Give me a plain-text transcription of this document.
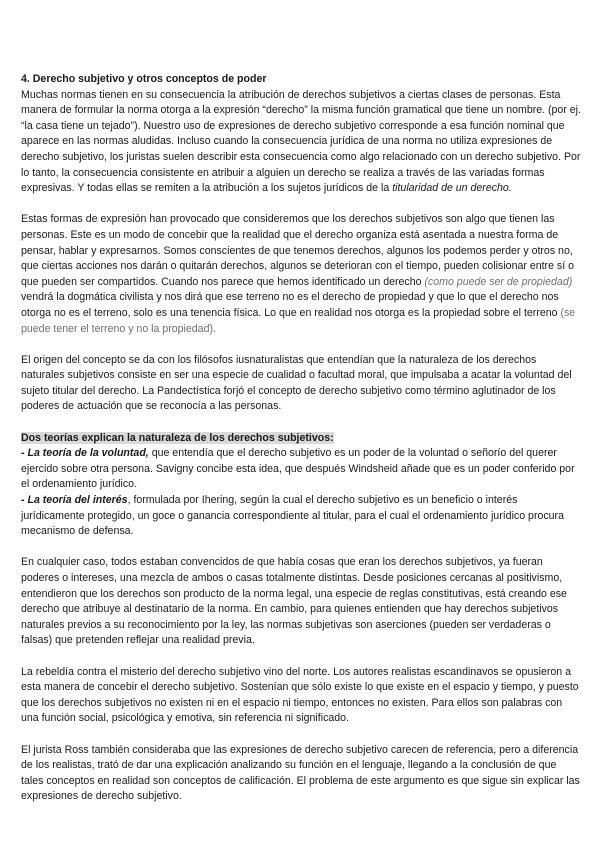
4. Derecho subjetivo y otros conceptos de poder

Muchas normas tienen en su consecuencia la atribución de derechos subjetivos a ciertas clases de personas. Esta manera de formular la norma otorga a la expresión “derecho” la misma función gramatical que tiene un nombre. (por ej. “la casa tiene un tejado”). Nuestro uso de expresiones de derecho subjetivo corresponde a esa función nominal que aparece en las normas aludidas. Incluso cuando la consecuencia jurídica de una norma no utiliza expresiones de derecho subjetivo, los juristas suelen describir esta consecuencia como algo relacionado con un derecho subjetivo. Por lo tanto, la consecuencia consistente en atribuir a alguien un derecho se realiza a través de las variadas formas expresivas. Y todas ellas se remiten a la atribución a los sujetos jurídicos de la titularidad de un derecho.

Estas formas de expresión han provocado que consideremos que los derechos subjetivos son algo que tienen las personas. Este es un modo de concebir que la realidad que el derecho organiza está asentada a nuestra forma de pensar, hablar y expresarnos. Somos conscientes de que tenemos derechos, algunos los podemos perder y otros no, que ciertas acciones nos darán o quitarán derechos, algunos se deterioran con el tiempo, pueden colisionar entre sí o que pueden ser compartidos. Cuando nos parece que hemos identificado un derecho (como puede ser de propiedad) vendrá la dogmática civilista y nos dirá que ese terreno no es el derecho de propiedad y que lo que el derecho nos otorga no es el terreno, solo es una tenencia física. Lo que en realidad nos otorga es la propiedad sobre el terreno (se puede tener el terreno y no la propiedad).

El origen del concepto se da con los filósofos iusnaturalistas que entendían que la naturaleza de los derechos naturales subjetivos consiste en ser una especie de cualidad o facultad moral, que impulsaba a acatar la voluntad del sujeto titular del derecho. La Pandectística forjó el concepto de derecho subjetivo como término aglutinador de los poderes de actuación que se reconocía a las personas.

Dos teorías explican la naturaleza de los derechos subjetivos:

- La teoría de la voluntad, que entendía que el derecho subjetivo es un poder de la voluntad o señorío del querer ejercido sobre otra persona. Savigny concibe esta idea, que después Windsheid añade que es un poder conferido por el ordenamiento jurídico.

- La teoría del interés, formulada por Ihering, según la cual el derecho subjetivo es un beneficio o interés jurídicamente protegido, un goce o ganancia correspondiente al titular, para el cual el ordenamiento jurídico procura mecanismo de defensa.

En cualquier caso, todos estaban convencidos de que había cosas que eran los derechos subjetivos, ya fueran poderes o intereses, una mezcla de ambos o casas totalmente distintas. Desde posiciones cercanas al positivismo, entendieron que los derechos son producto de la norma legal, una especie de reglas constitutivas, está creando ese derecho que atribuye al destinatario de la norma. En cambio, para quienes entienden que hay derechos subjetivos naturales previos a su reconocimiento por la ley, las normas subjetivas son aserciones (pueden ser verdaderas o falsas) que pretenden reflejar una realidad previa.

La rebeldía contra el misterio del derecho subjetivo vino del norte. Los autores realistas escandinavos se opusieron a esta manera de concebir el derecho subjetivo. Sostenían que sólo existe lo que existe en el espacio y tiempo, y puesto que los derechos subjetivos no existen ni en el espacio ni tiempo, entonces no existen. Para ellos son palabras con una función social, psicológica y emotiva, sin referencia ni significado.

El jurista Ross también consideraba que las expresiones de derecho subjetivo carecen de referencia, pero a diferencia de los realistas, trató de dar una explicación analizando su función en el lenguaje, llegando a la conclusión de que tales conceptos en realidad son conceptos de calificación. El problema de este argumento es que sigue sin explicar las expresiones de derecho subjetivo.
